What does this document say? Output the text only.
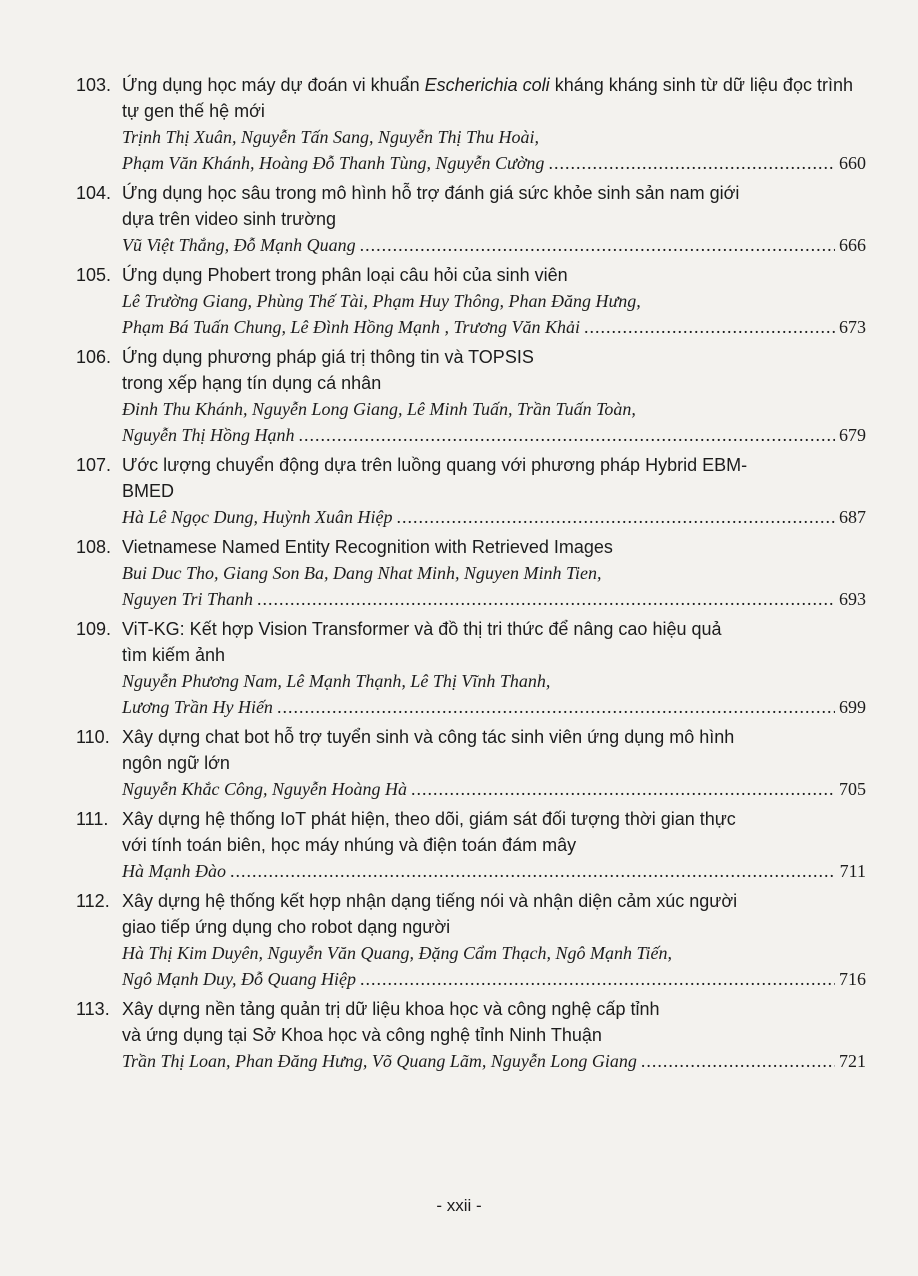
103. Ứng dụng học máy dự đoán vi khuẩn Escherichia coli kháng kháng sinh từ dữ liệu đọc trình tự gen thế hệ mới
Trịnh Thị Xuân, Nguyễn Tấn Sang, Nguyễn Thị Thu Hoài,
Phạm Văn Khánh, Hoàng Đỗ Thanh Tùng, Nguyễn Cường .....	660
104. Ứng dụng học sâu trong mô hình hỗ trợ đánh giá sức khỏe sinh sản nam giới
dựa trên video sinh trường
Vũ Việt Thắng, Đỗ Mạnh Quang .....	666
105. Ứng dụng Phobert trong phân loại câu hỏi của sinh viên
Lê Trường Giang, Phùng Thế Tài, Phạm Huy Thông, Phan Đăng Hưng,
Phạm Bá Tuấn Chung, Lê Đình Hồng Mạnh , Trương Văn Khải .....	673
106. Ứng dụng phương pháp giá trị thông tin và TOPSIS
trong xếp hạng tín dụng cá nhân
Đinh Thu Khánh, Nguyễn Long Giang, Lê Minh Tuấn, Trần Tuấn Toàn,
Nguyễn Thị Hồng Hạnh .....	679
107. Ước lượng chuyển động dựa trên luồng quang với phương pháp Hybrid EBM-
BMED
Hà Lê Ngọc Dung, Huỳnh Xuân Hiệp .....	687
108. Vietnamese Named Entity Recognition with Retrieved Images
Bui Duc Tho, Giang Son Ba, Dang Nhat Minh, Nguyen Minh Tien,
Nguyen Tri Thanh .....	693
109. ViT-KG: Kết hợp Vision Transformer và đồ thị tri thức để nâng cao hiệu quả
tìm kiếm ảnh
Nguyễn Phương Nam, Lê Mạnh Thạnh, Lê Thị Vĩnh Thanh,
Lương Trần Hy Hiến .....	699
110. Xây dựng chat bot hỗ trợ tuyển sinh và công tác sinh viên ứng dụng mô hình
ngôn ngữ lớn
Nguyễn Khắc Công, Nguyễn Hoàng Hà .....	705
111. Xây dựng hệ thống IoT phát hiện, theo dõi, giám sát đối tượng thời gian thực
với tính toán biên, học máy nhúng và điện toán đám mây
Hà Mạnh Đào .....	711
112. Xây dựng hệ thống kết hợp nhận dạng tiếng nói và nhận diện cảm xúc người
giao tiếp ứng dụng cho robot dạng người
Hà Thị Kim Duyên, Nguyễn Văn Quang, Đặng Cẩm Thạch, Ngô Mạnh Tiến,
Ngô Mạnh Duy, Đỗ Quang Hiệp .....	716
113. Xây dựng nền tảng quản trị dữ liệu khoa học và công nghệ cấp tỉnh
và ứng dụng tại Sở Khoa học và công nghệ tỉnh Ninh Thuận
Trần Thị Loan, Phan Đăng Hưng, Võ Quang Lãm, Nguyễn Long Giang .....	721
- xxii -
